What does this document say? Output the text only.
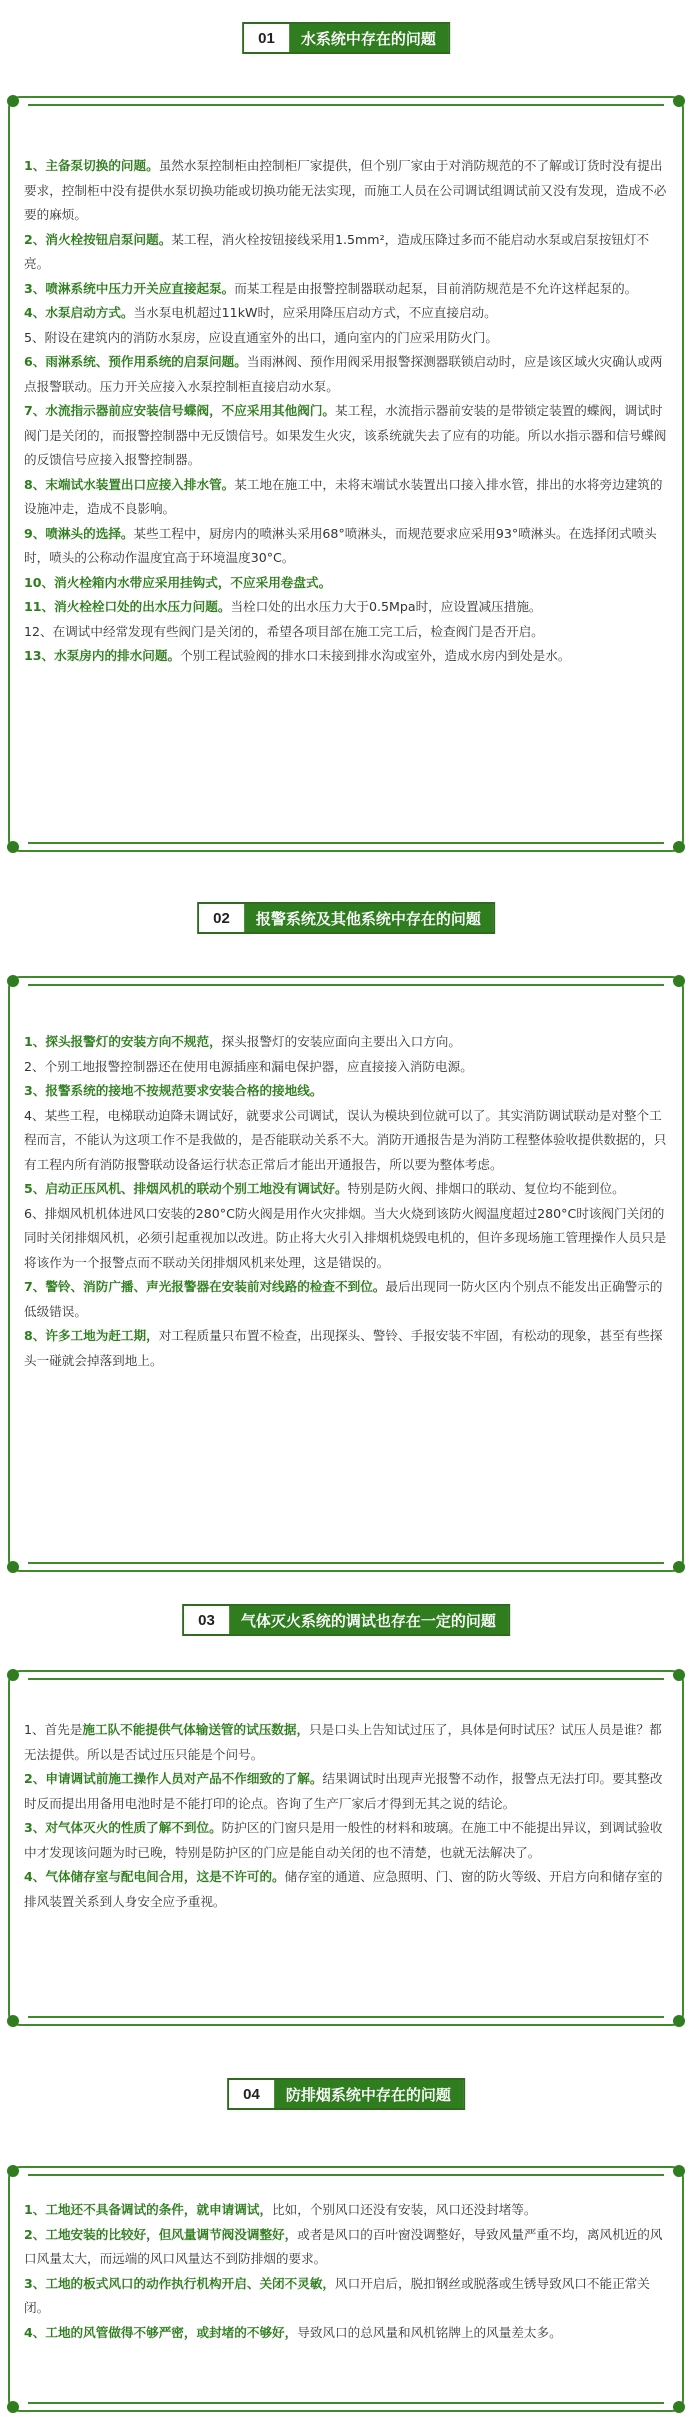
01	水系统中存在的问题

1、主备泵切换的问题。虽然水泵控制柜由控制柜厂家提供，但个别厂家由于对消防规范的不了解或订货时没有提出要求，控制柜中没有提供水泵切换功能或切换功能无法实现，而施工人员在公司调试组调试前又没有发现，造成不必要的麻烦。

2、消火栓按钮启泵问题。某工程，消火栓按钮接线采用1.5mm²，造成压降过多而不能启动水泵或启泵按钮灯不亮。

3、喷淋系统中压力开关应直接起泵。而某工程是由报警控制器联动起泵，目前消防规范是不允许这样起泵的。

4、水泵启动方式。当水泵电机超过11kW时，应采用降压启动方式，不应直接启动。

5、附设在建筑内的消防水泵房，应设直通室外的出口，通向室内的门应采用防火门。

6、雨淋系统、预作用系统的启泵问题。当雨淋阀、预作用阀采用报警探测器联锁启动时，应是该区域火灾确认或两点报警联动。压力开关应接入水泵控制柜直接启动水泵。

7、水流指示器前应安装信号蝶阀，不应采用其他阀门。某工程，水流指示器前安装的是带锁定装置的蝶阀，调试时阀门是关闭的，而报警控制器中无反馈信号。如果发生火灾，该系统就失去了应有的功能。所以水指示器和信号蝶阀的反馈信号应接入报警控制器。

8、末端试水装置出口应接入排水管。某工地在施工中，未将末端试水装置出口接入排水管，排出的水将旁边建筑的设施冲走，造成不良影响。

9、喷淋头的选择。某些工程中，厨房内的喷淋头采用68°喷淋头，而规范要求应采用93°喷淋头。在选择闭式喷头时，喷头的公称动作温度宜高于环境温度30°C。

10、消火栓箱内水带应采用挂钩式，不应采用卷盘式。

11、消火栓栓口处的出水压力问题。当栓口处的出水压力大于0.5Mpa时，应设置减压措施。

12、在调试中经常发现有些阀门是关闭的，希望各项目部在施工完工后，检查阀门是否开启。

13、水泵房内的排水问题。个别工程试验阀的排水口未接到排水沟或室外，造成水房内到处是水。

02	报警系统及其他系统中存在的问题

1、探头报警灯的安装方向不规范，探头报警灯的安装应面向主要出入口方向。

2、个别工地报警控制器还在使用电源插座和漏电保护器，应直接接入消防电源。

3、报警系统的接地不按规范要求安装合格的接地线。

4、某些工程，电梯联动迫降未调试好，就要求公司调试，误认为模块到位就可以了。其实消防调试联动是对整个工程而言，不能认为这项工作不是我做的，是否能联动关系不大。消防开通报告是为消防工程整体验收提供数据的，只有工程内所有消防报警联动设备运行状态正常后才能出开通报告，所以要为整体考虑。

5、启动正压风机、排烟风机的联动个别工地没有调试好。特别是防火阀、排烟口的联动、复位均不能到位。

6、排烟风机机体进风口安装的280°C防火阀是用作火灾排烟。当大火烧到该防火阀温度超过280°C时该阀门关闭的同时关闭排烟风机，必须引起重视加以改进。防止将大火引入排烟机烧毁电机的，但许多现场施工管理操作人员只是将该作为一个报警点而不联动关闭排烟风机来处理，这是错误的。

7、警铃、消防广播、声光报警器在安装前对线路的检查不到位。最后出现同一防火区内个别点不能发出正确警示的低级错误。

8、许多工地为赶工期，对工程质量只布置不检查，出现探头、警铃、手报安装不牢固，有松动的现象，甚至有些探头一碰就会掉落到地上。

03	气体灭火系统的调试也存在一定的问题

1、首先是施工队不能提供气体输送管的试压数据，只是口头上告知试过压了，具体是何时试压？试压人员是谁？都无法提供。所以是否试过压只能是个问号。

2、申请调试前施工操作人员对产品不作细致的了解。结果调试时出现声光报警不动作，报警点无法打印。要其整改时反而提出用备用电池时是不能打印的论点。咨询了生产厂家后才得到无其之说的结论。

3、对气体灭火的性质了解不到位。防护区的门窗只是用一般性的材料和玻璃。在施工中不能提出异议，到调试验收中才发现该问题为时已晚，特别是防护区的门应是能自动关闭的也不清楚，也就无法解决了。

4、气体储存室与配电间合用，这是不许可的。储存室的通道、应急照明、门、窗的防火等级、开启方向和储存室的排风装置关系到人身安全应予重视。

04	防排烟系统中存在的问题

1、工地还不具备调试的条件，就申请调试，比如，个别风口还没有安装，风口还没封堵等。

2、工地安装的比较好，但风量调节阀没调整好，或者是风口的百叶窗没调整好，导致风量严重不均，离风机近的风口风量太大，而远端的风口风量达不到防排烟的要求。

3、工地的板式风口的动作执行机构开启、关闭不灵敏，风口开启后，脱扣钢丝或脱落或生锈导致风口不能正常关闭。

4、工地的风管做得不够严密，或封堵的不够好，导致风口的总风量和风机铭牌上的风量差太多。
